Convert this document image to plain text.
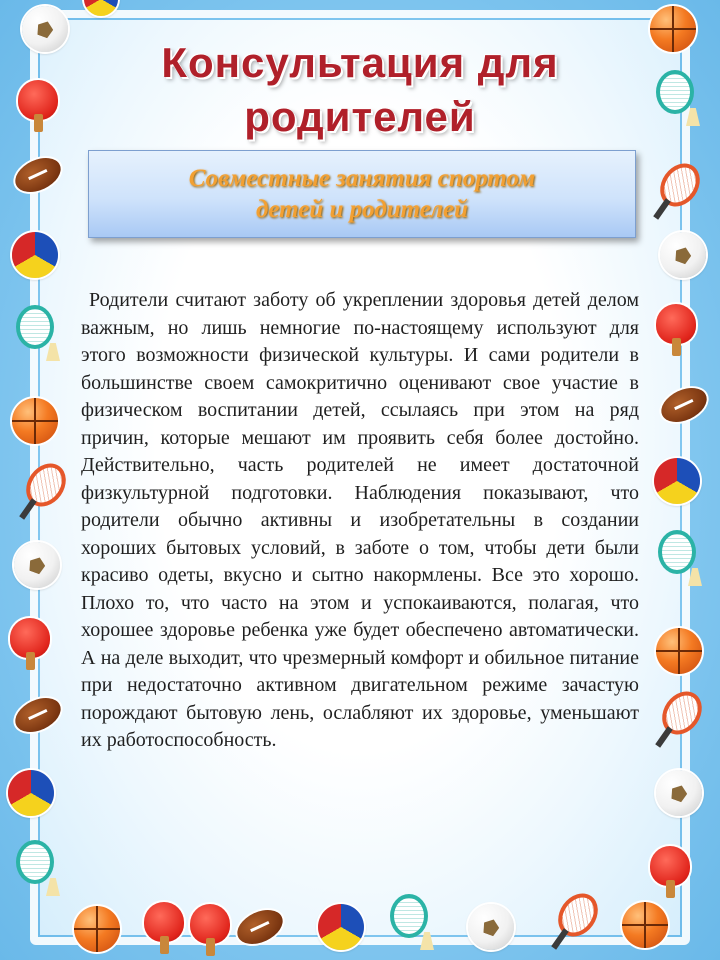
Консультация для
родителей
Совместные занятия спортом
детей и родителей

Родители считают заботу об укреплении здоровья детей делом важным, но лишь немногие по-настоящему используют для этого возможности физической культуры. И сами родители в большинстве своем самокритично оценивают свое участие в физическом воспитании детей, ссылаясь при этом на ряд причин, которые мешают им проявить себя более достойно. Действительно, часть родителей не имеет достаточной физкультурной подготовки. Наблюдения показывают, что родители обычно активны и изобретательны в создании хороших бытовых условий, в заботе о том, чтобы дети были красиво одеты, вкусно и сытно накормлены. Все это хорошо. Плохо то, что часто на этом и успокаиваются, полагая, что хорошее здоровье ребенка уже будет обеспечено автоматически. А на деле выходит, что чрезмерный комфорт и обильное питание при недостаточно активном двигательном режиме зачастую порождают бытовую лень, ослабляют их здоровье, уменьшают их работоспособность.
